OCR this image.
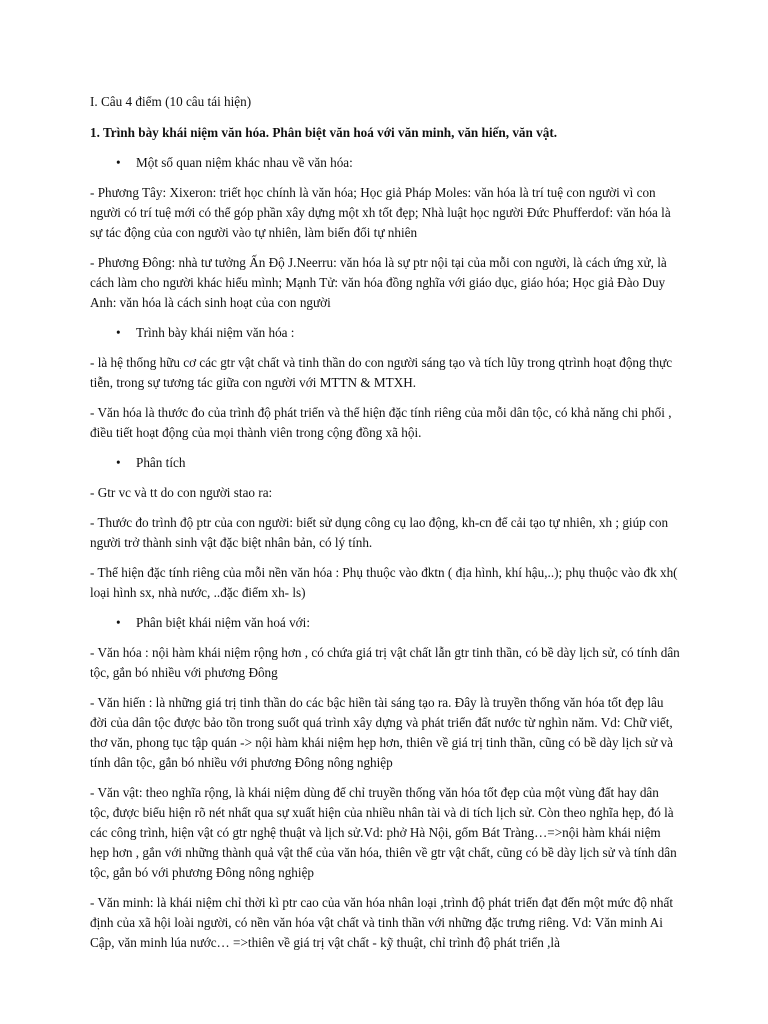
I. Câu 4 điểm (10 câu tái hiện)

1. Trình bày khái niệm văn hóa. Phân biệt văn hoá với văn minh, văn hiến, văn vật.

• Một số quan niệm khác nhau về văn hóa:

- Phương Tây: Xixeron: triết học chính là văn hóa; Học giả Pháp Moles: văn hóa là trí tuệ con người vì con người có trí tuệ mới có thể góp phần xây dựng một xh tốt đẹp; Nhà luật học người Đức Phufferdof: văn hóa là sự tác động của con người vào tự nhiên, làm biến đổi tự nhiên

- Phương Đông: nhà tư tưởng Ấn Độ J.Neerru: văn hóa là sự ptr nội tại của mỗi con người, là cách ứng xử, là cách làm cho người khác hiểu mình; Mạnh Tử: văn hóa đồng nghĩa với giáo dục, giáo hóa; Học giả Đào Duy Anh: văn hóa là cách sinh hoạt của con người

• Trình bày khái niệm văn hóa :

- là hệ thống hữu cơ các gtr vật chất và tinh thần do con người sáng tạo và tích lũy trong qtrình hoạt động thực tiễn, trong sự tương tác giữa con người với MTTN & MTXH.

- Văn hóa là thước đo của trình độ phát triển và thể hiện đặc tính riêng của mỗi dân tộc, có khả năng chi phối , điều tiết hoạt động của mọi thành viên trong cộng đồng xã hội.

• Phân tích

- Gtr vc và tt do con người stao ra:

- Thước đo trình độ ptr của con người: biết sử dụng công cụ lao động, kh-cn để cải tạo tự nhiên, xh ; giúp con người trở thành sinh vật đặc biệt nhân bản, có lý tính.

- Thể hiện đặc tính riêng của mỗi nền văn hóa : Phụ thuộc vào đktn ( địa hình, khí hậu,..); phụ thuộc vào đk xh( loại hình sx, nhà nước, ..đặc điểm xh- ls)

• Phân biệt khái niệm văn hoá với:

- Văn hóa : nội hàm khái niệm rộng hơn , có chứa giá trị vật chất lẫn gtr tinh thần, có bề dày lịch sử, có tính dân tộc, gắn bó nhiều với phương Đông

- Văn hiến : là những giá trị tinh thần do các bậc hiền tài sáng tạo ra. Đây là truyền thống văn hóa tốt đẹp lâu đời của dân tộc được bảo tồn trong suốt quá trình xây dựng và phát triển đất nước từ nghìn năm. Vd: Chữ viết, thơ văn, phong tục tập quán -> nội hàm khái niệm hẹp hơn, thiên về giá trị tinh thần, cũng có bề dày lịch sử và tính dân tộc, gắn bó nhiều với phương Đông nông nghiệp

- Văn vật: theo nghĩa rộng, là khái niệm dùng để chỉ truyền thống văn hóa tốt đẹp của một vùng đất hay dân tộc, được biểu hiện rõ nét nhất qua sự xuất hiện của nhiều nhân tài và di tích lịch sử. Còn theo nghĩa hẹp, đó là các công trình, hiện vật có gtr nghệ thuật và lịch sử.Vd: phở Hà Nội, gốm Bát Tràng…=>nội hàm khái niệm hẹp hơn , gắn với những thành quả vật thể của văn hóa, thiên về gtr vật chất, cũng có bề dày lịch sử và tính dân tộc, gắn bó với phương Đông nông nghiệp

- Văn minh: là khái niệm chỉ thời kì ptr cao của văn hóa nhân loại ,trình độ phát triển đạt đến một mức độ nhất định của xã hội loài người, có nền văn hóa vật chất và tinh thần với những đặc trưng riêng. Vd: Văn minh Ai Cập, văn minh lúa nước… =>thiên về giá trị vật chất - kỹ thuật, chỉ trình độ phát triển ,là
